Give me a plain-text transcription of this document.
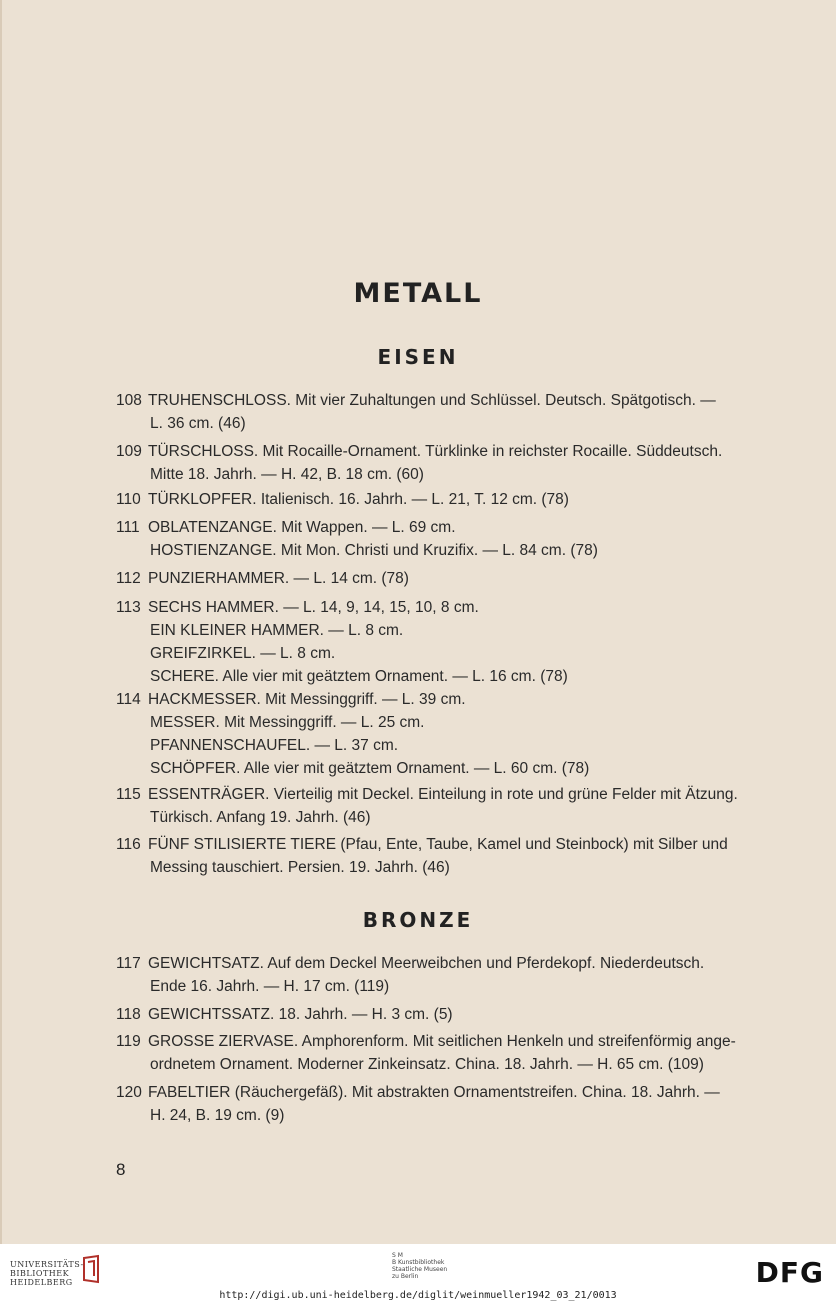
METALL
EISEN
108 TRUHENSCHLOSS. Mit vier Zuhaltungen und Schlüssel. Deutsch. Spätgotisch. —
L. 36 cm. (46)
109 TÜRSCHLOSS. Mit Rocaille-Ornament. Türklinke in reichster Rocaille. Süddeutsch.
Mitte 18. Jahrh. — H. 42, B. 18 cm. (60)
110 TÜRKLOPFER. Italienisch. 16. Jahrh. — L. 21, T. 12 cm. (78)
111 OBLATENZANGE. Mit Wappen. — L. 69 cm.
HOSTIENZANGE. Mit Mon. Christi und Kruzifix. — L. 84 cm. (78)
112 PUNZIERHAMMER. — L. 14 cm. (78)
113 SECHS HAMMER. — L. 14, 9, 14, 15, 10, 8 cm.
EIN KLEINER HAMMER. — L. 8 cm.
GREIFZIRKEL. — L. 8 cm.
SCHERE. Alle vier mit geätztem Ornament. — L. 16 cm. (78)
114 HACKMESSER. Mit Messinggriff. — L. 39 cm.
MESSER. Mit Messinggriff. — L. 25 cm.
PFANNENSCHAUFEL. — L. 37 cm.
SCHÖPFER. Alle vier mit geätztem Ornament. — L. 60 cm. (78)
115 ESSENTRÄGER. Vierteilig mit Deckel. Einteilung in rote und grüne Felder mit Ätzung.
Türkisch. Anfang 19. Jahrh. (46)
116 FÜNF STILISIERTE TIERE (Pfau, Ente, Taube, Kamel und Steinbock) mit Silber und
Messing tauschiert. Persien. 19. Jahrh. (46)
BRONZE
117 GEWICHTSATZ. Auf dem Deckel Meerweibchen und Pferdekopf. Niederdeutsch.
Ende 16. Jahrh. — H. 17 cm. (119)
118 GEWICHTSSATZ. 18. Jahrh. — H. 3 cm. (5)
119 GROSSE ZIERVASE. Amphorenform. Mit seitlichen Henkeln und streifenförmig ange-
ordnetem Ornament. Moderner Zinkeinsatz. China. 18. Jahrh. — H. 65 cm. (109)
120 FABELTIER (Räuchergefäß). Mit abstrakten Ornamentstreifen. China. 18. Jahrh. —
H. 24, B. 19 cm. (9)
8
UNIVERSITÄTS-
BIBLIOTHEK
HEIDELBERG
S M
B Kunstbibliothek
Staatliche Museen
zu Berlin	DFG
http://digi.ub.uni-heidelberg.de/diglit/weinmueller1942_03_21/0013
